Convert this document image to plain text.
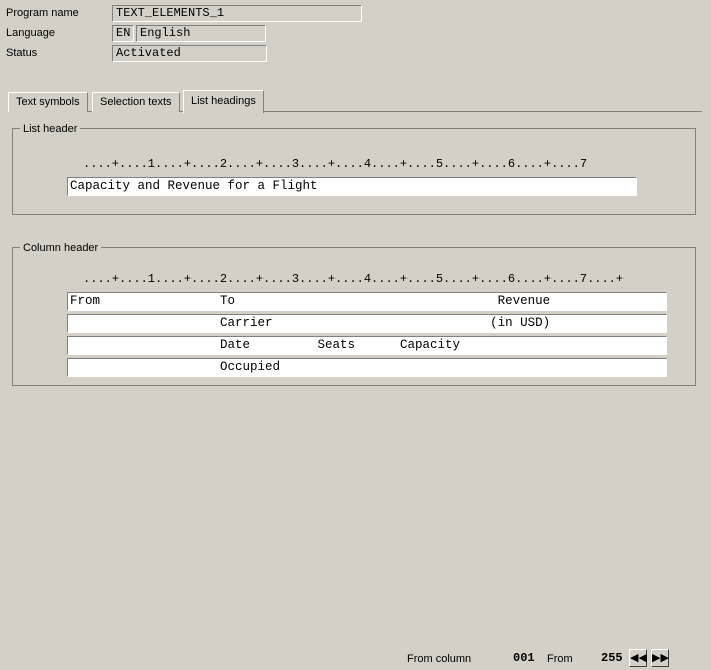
Program name	TEXT_ELEMENTS_1
Language	EN English
Status	Activated
Text symbols	Selection texts	List headings
List header
....+....1....+....2....+....3....+....4....+....5....+....6....+....7
Capacity and Revenue for a Flight
Column header
....+....1....+....2....+....3....+....4....+....5....+....6....+....7....+
From                To                                   Revenue
Carrier                             (in USD)
Date         Seats      Capacity
Occupied
From column	001 From 255 ◀◀ ▶▶
